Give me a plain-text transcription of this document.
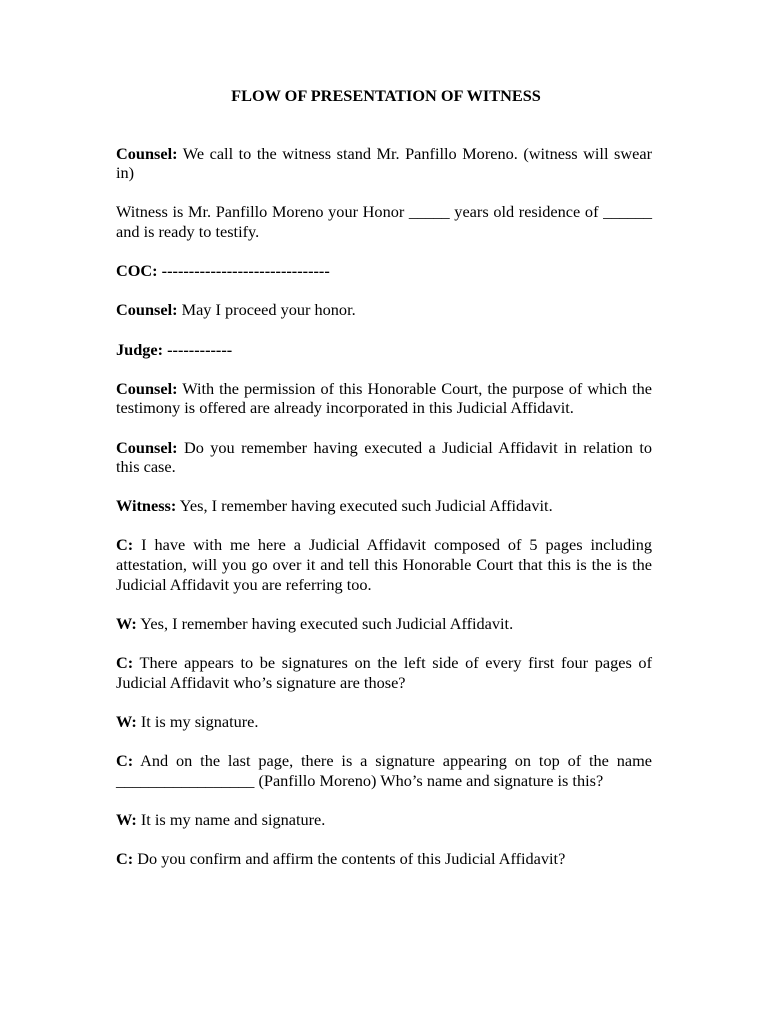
FLOW OF PRESENTATION OF WITNESS
Counsel: We call to the witness stand Mr. Panfillo Moreno. (witness will swear in)
Witness is Mr. Panfillo Moreno your Honor _____ years old residence of ______ and is ready to testify.
COC: -------------------------------
Counsel: May I proceed your honor.
Judge: ------------
Counsel: With the permission of this Honorable Court, the purpose of which the testimony is offered are already incorporated in this Judicial Affidavit.
Counsel: Do you remember having executed a Judicial Affidavit in relation to this case.
Witness: Yes, I remember having executed such Judicial Affidavit.
C: I have with me here a Judicial Affidavit composed of 5 pages including attestation, will you go over it and tell this Honorable Court that this is the is the Judicial Affidavit you are referring too.
W: Yes, I remember having executed such Judicial Affidavit.
C: There appears to be signatures on the left side of every first four pages of Judicial Affidavit who’s signature are those?
W: It is my signature.
C: And on the last page, there is a signature appearing on top of the name _________________ (Panfillo Moreno) Who’s name and signature is this?
W: It is my name and signature.
C: Do you confirm and affirm the contents of this Judicial Affidavit?
